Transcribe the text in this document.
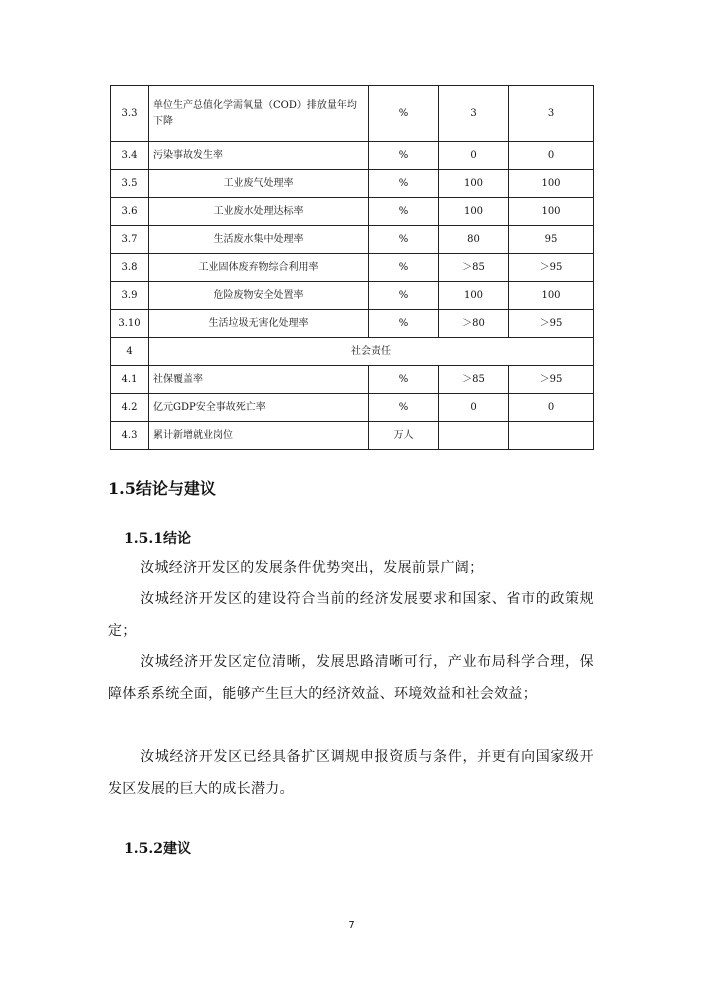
3.3	单位生产总值化学需氧量（COD）排放量年均下降	%	3	3
3.4	污染事故发生率	%	0	0
3.5	工业废气处理率	%	100	100
3.6	工业废水处理达标率	%	100	100
3.7	生活废水集中处理率	%	80	95
3.8	工业固体废弃物综合利用率	%	＞85	＞95
3.9	危险废物安全处置率	%	100	100
3.10	生活垃圾无害化处理率	%	＞80	＞95
4	社会责任			
4.1	社保覆盖率	%	＞85	＞95
4.2	亿元GDP安全事故死亡率	%	0	0
4.3	累计新增就业岗位	万人		
1.5结论与建议
1.5.1结论

汝城经济开发区的发展条件优势突出，发展前景广阔；

汝城经济开发区的建设符合当前的经济发展要求和国家、省市的政策规定；

汝城经济开发区定位清晰，发展思路清晰可行，产业布局科学合理，保障体系系统全面，能够产生巨大的经济效益、环境效益和社会效益；

汝城经济开发区已经具备扩区调规申报资质与条件，并更有向国家级开发区发展的巨大的成长潜力。

1.5.2建议
7
